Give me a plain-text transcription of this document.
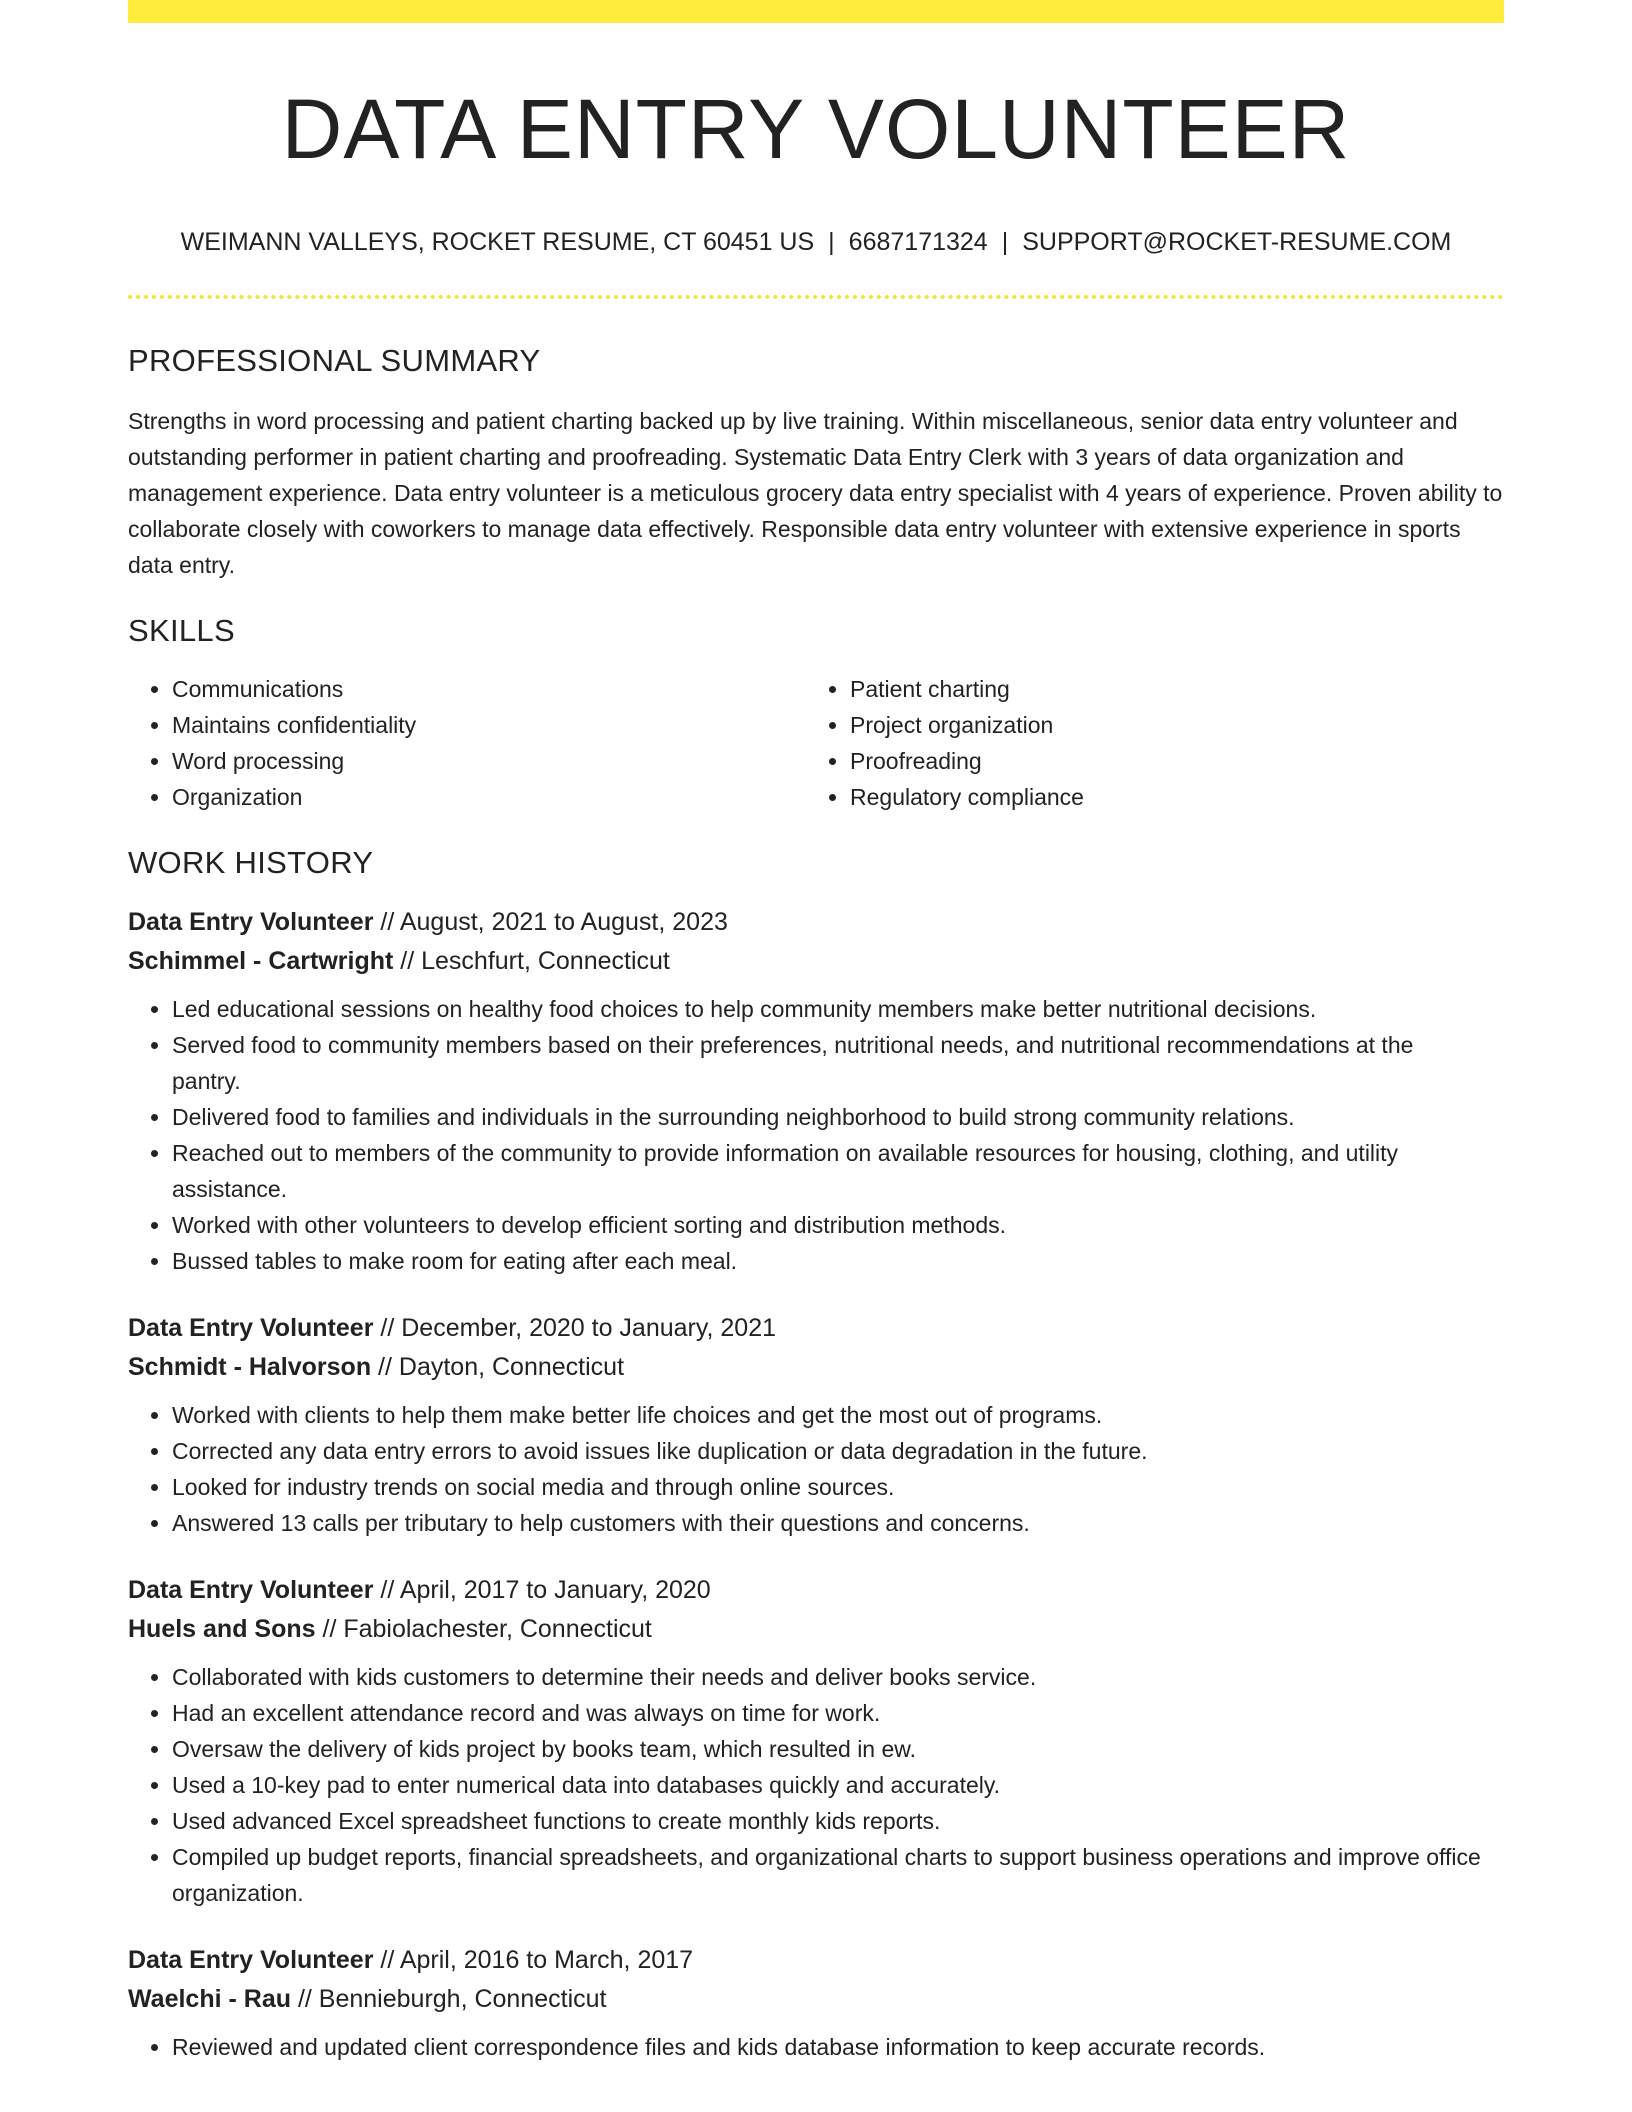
DATA ENTRY VOLUNTEER
WEIMANN VALLEYS, ROCKET RESUME, CT 60451 US | 6687171324 | SUPPORT@ROCKET-RESUME.COM
PROFESSIONAL SUMMARY

Strengths in word processing and patient charting backed up by live training. Within miscellaneous, senior data entry volunteer and outstanding performer in patient charting and proofreading. Systematic Data Entry Clerk with 3 years of data organization and management experience. Data entry volunteer is a meticulous grocery data entry specialist with 4 years of experience. Proven ability to collaborate closely with coworkers to manage data effectively. Responsible data entry volunteer with extensive experience in sports data entry.

SKILLS
• Communications
• Maintains confidentiality
• Word processing
• Organization
• Patient charting
• Project organization
• Proofreading
• Regulatory compliance
WORK HISTORY
Data Entry Volunteer // August, 2021 to August, 2023
Schimmel - Cartwright // Leschfurt, Connecticut
• Led educational sessions on healthy food choices to help community members make better nutritional decisions.
• Served food to community members based on their preferences, nutritional needs, and nutritional recommendations at the pantry.
• Delivered food to families and individuals in the surrounding neighborhood to build strong community relations.
• Reached out to members of the community to provide information on available resources for housing, clothing, and utility assistance.
• Worked with other volunteers to develop efficient sorting and distribution methods.
• Bussed tables to make room for eating after each meal.
Data Entry Volunteer // December, 2020 to January, 2021
Schmidt - Halvorson // Dayton, Connecticut
• Worked with clients to help them make better life choices and get the most out of programs.
• Corrected any data entry errors to avoid issues like duplication or data degradation in the future.
• Looked for industry trends on social media and through online sources.
• Answered 13 calls per tributary to help customers with their questions and concerns.
Data Entry Volunteer // April, 2017 to January, 2020
Huels and Sons // Fabiolachester, Connecticut
• Collaborated with kids customers to determine their needs and deliver books service.
• Had an excellent attendance record and was always on time for work.
• Oversaw the delivery of kids project by books team, which resulted in ew.
• Used a 10-key pad to enter numerical data into databases quickly and accurately.
• Used advanced Excel spreadsheet functions to create monthly kids reports.
• Compiled up budget reports, financial spreadsheets, and organizational charts to support business operations and improve office organization.
Data Entry Volunteer // April, 2016 to March, 2017
Waelchi - Rau // Bennieburgh, Connecticut
• Reviewed and updated client correspondence files and kids database information to keep accurate records.
